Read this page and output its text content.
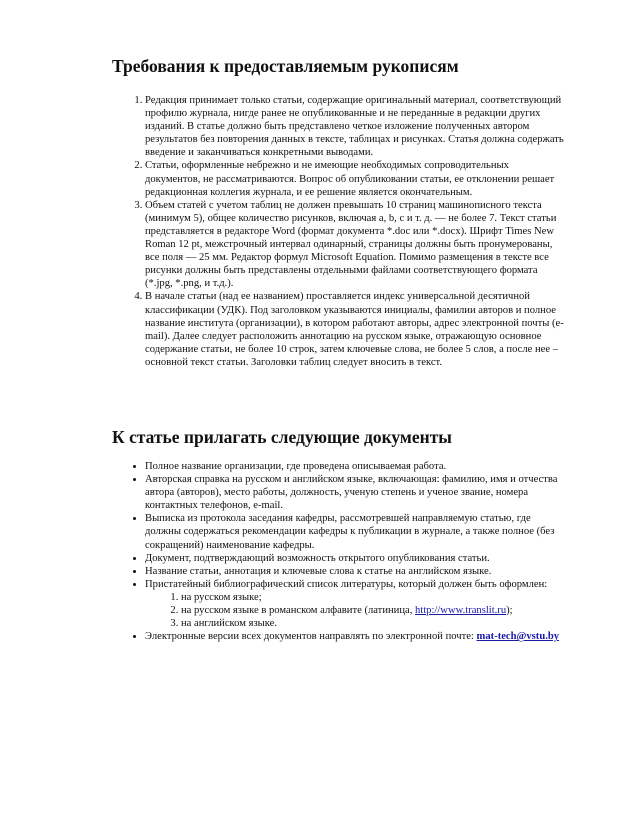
Требования к предоставляемым рукописям
1. Редакция принимает только статьи, содержащие оригинальный материал, соответствующий профилю журнала, нигде ранее не опубликованные и не переданные в редакции других изданий. В статье должно быть представлено четкое изложение полученных автором результатов без повторения данных в тексте, таблицах и рисунках. Статья должна содержать введение и заканчиваться конкретными выводами.
2. Статьи, оформленные небрежно и не имеющие необходимых сопроводительных документов, не рассматриваются. Вопрос об опубликовании статьи, ее отклонении решает редакционная коллегия журнала, и ее решение является окончательным.
3. Объем статей с учетом таблиц не должен превышать 10 страниц машинописного текста (минимум 5), общее количество рисунков, включая а, b, с и т. д. — не более 7. Текст статьи представляется в редакторе Word (формат документа *.doc или *.docx). Шрифт Times New Roman 12 pt, межстрочный интервал одинарный, страницы должны быть пронумерованы, все поля — 25 мм. Редактор формул Microsoft Equation. Помимо размещения в тексте все рисунки должны быть представлены отдельными файлами соответствующего формата (*.jpg, *.png, и т.д.).
4. В начале статьи (над ее названием) проставляется индекс универсальной десятичной классификации (УДК). Под заголовком указываются инициалы, фамилии авторов и полное название института (организации), в котором работают авторы, адрес электронной почты (e-mail). Далее следует расположить аннотацию на русском языке, отражающую основное содержание статьи, не более 10 строк, затем ключевые слова, не более 5 слов, а после нее – основной текст статьи. Заголовки таблиц следует вносить в текст.
К статье прилагать следующие документы
• Полное название организации, где проведена описываемая работа.
• Авторская справка на русском и английском языке, включающая: фамилию, имя и отчества автора (авторов), место работы, должность, ученую степень и ученое звание, номера контактных телефонов, e-mail.
• Выписка из протокола заседания кафедры, рассмотревшей направляемую статью, где должны содержаться рекомендации кафедры к публикации в журнале, а также полное (без сокращений) наименование кафедры.
• Документ, подтверждающий возможность открытого опубликования статьи.
• Название статьи, аннотация и ключевые слова к статье на английском языке.
• Пристатейный библиографический список литературы, который должен быть оформлен:
1. на русском языке;
2. на русском языке в романском алфавите (латиница, http://www.translit.ru);
3. на английском языке.
• Электронные версии всех документов направлять по электронной почте: mat-tech@vstu.by
